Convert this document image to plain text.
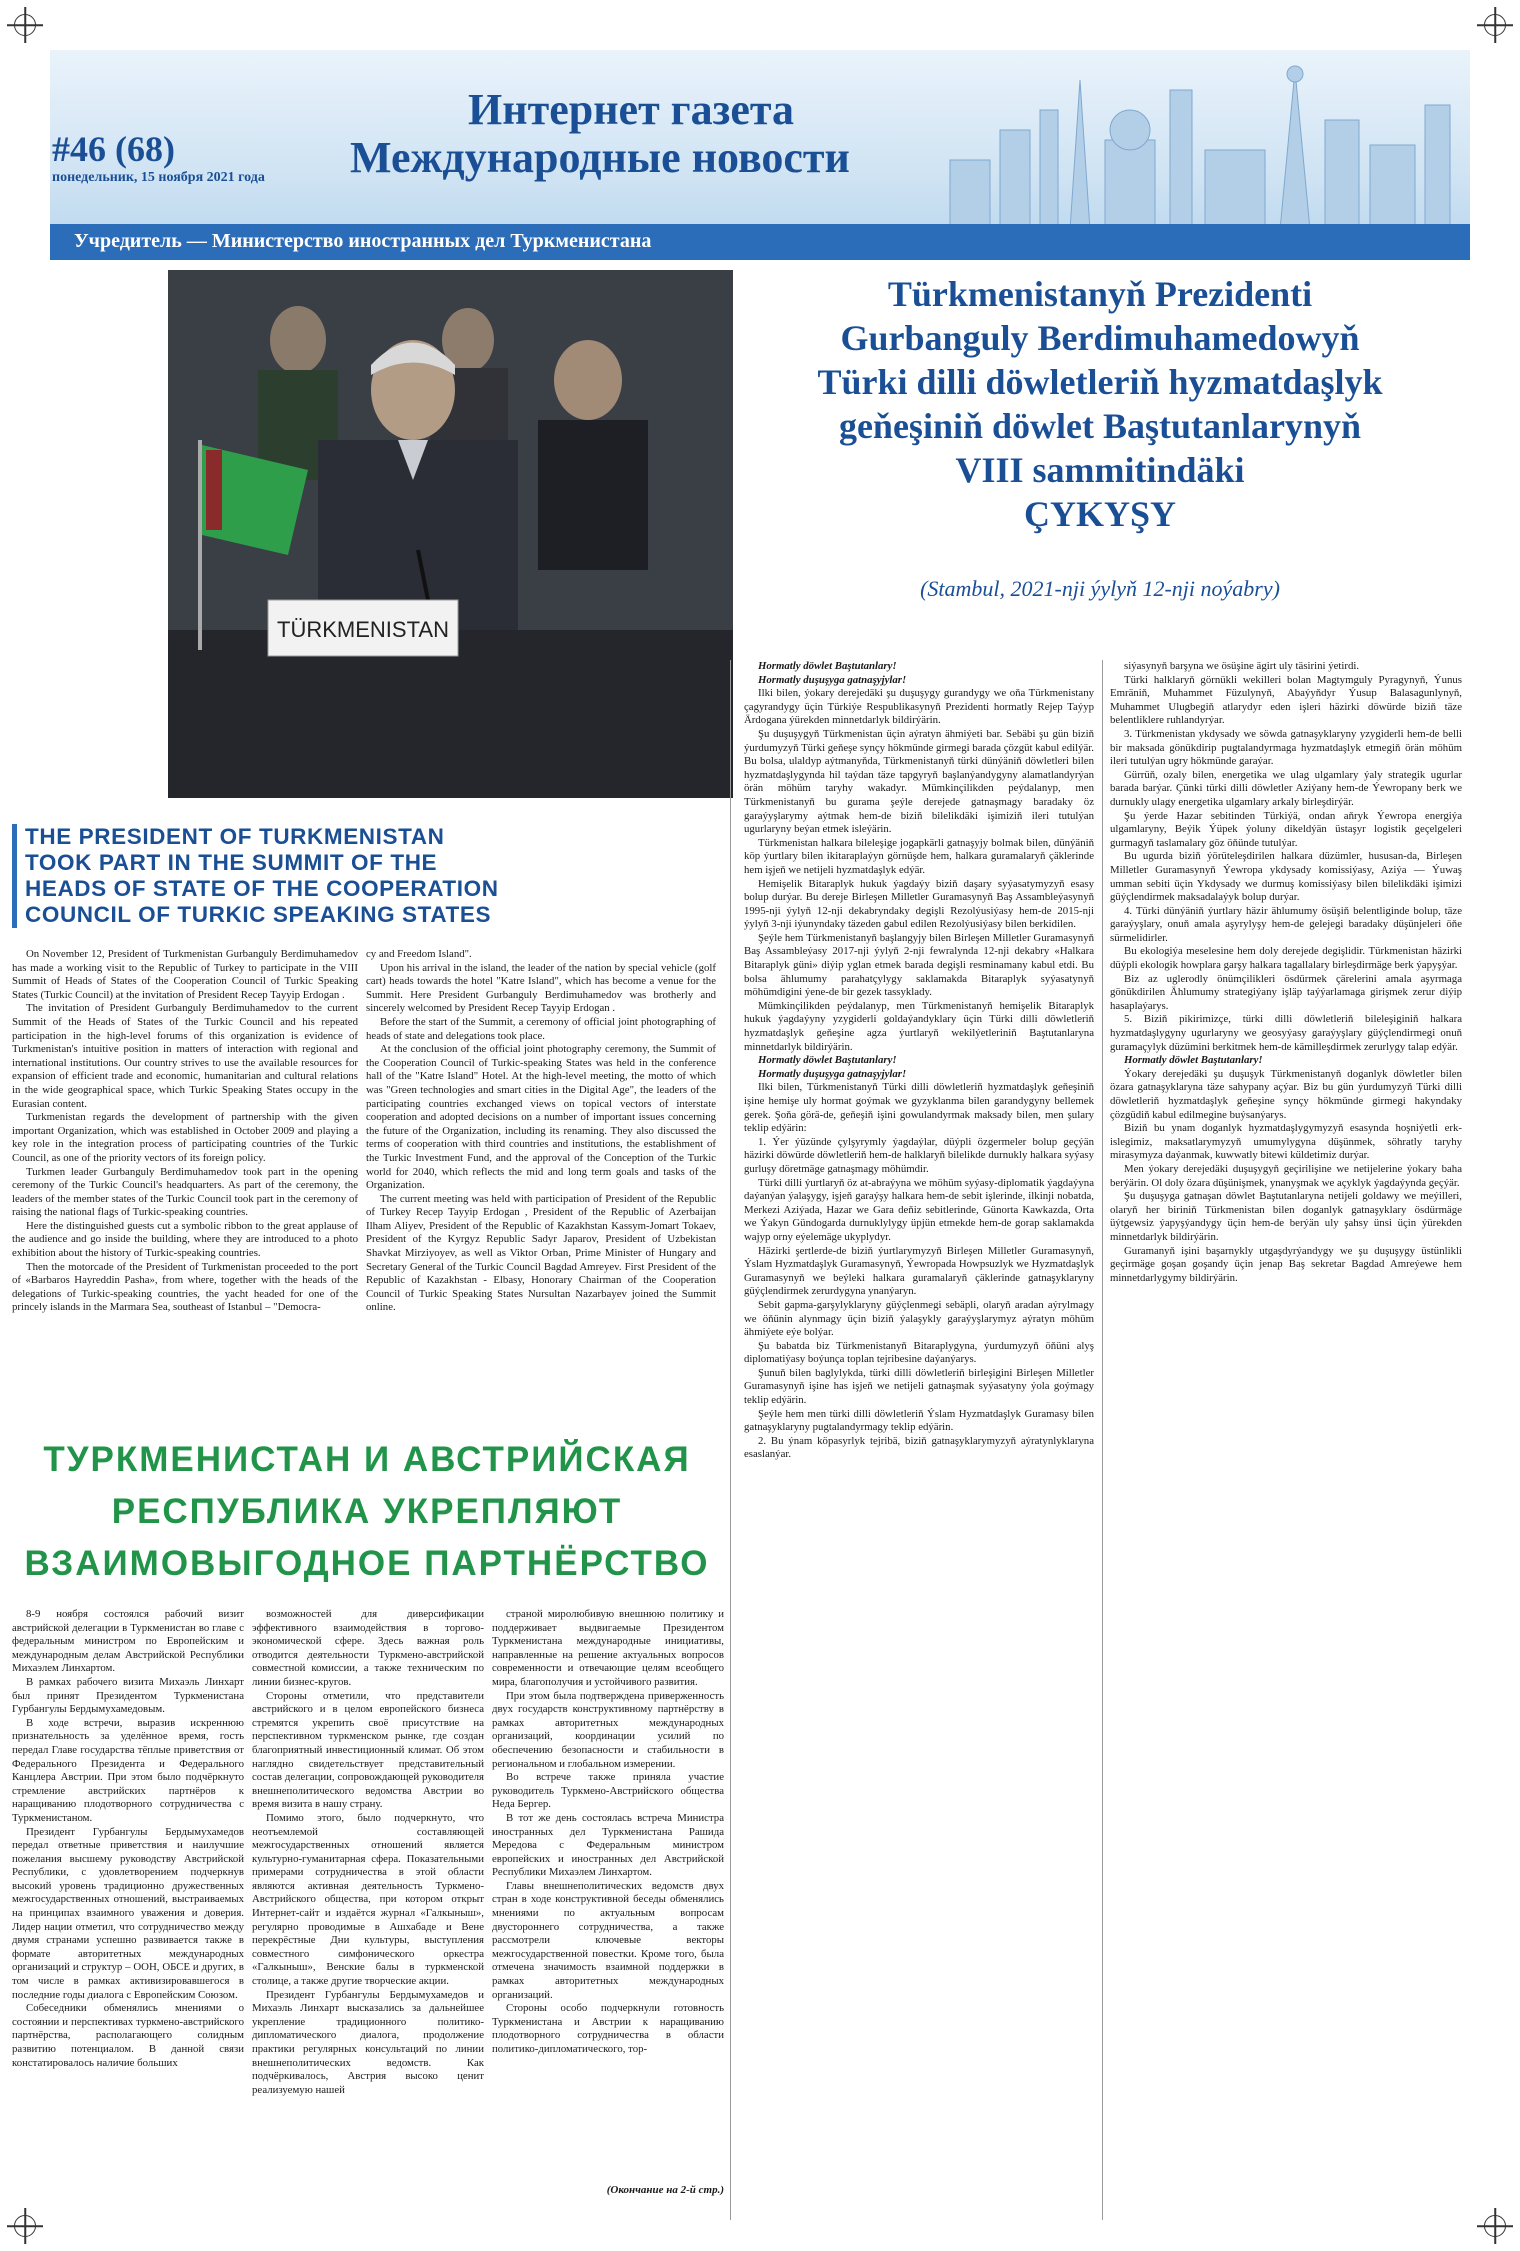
#46 (68)
понедельник, 15 ноября 2021 года
Интернет газета
Международные новости
Учредитель — Министерство иностранных дел Туркменистана
TÜRKMENISTAN
Türkmenistanyň Prezidenti
Gurbanguly Berdimuhamedowyň
Türki dilli döwletleriň hyzmatdaşlyk
geňeşiniň döwlet Baştutanlarynyň
VIII sammitindäki
ÇYKYŞY
(Stambul, 2021-nji ýylyň 12-nji noýabry)
THE PRESIDENT OF TURKMENISTAN
TOOK PART IN THE SUMMIT OF THE
HEADS OF STATE OF THE COOPERATION
COUNCIL OF TURKIC SPEAKING STATES

On November 12, President of Turkmenistan Gurbanguly Berdimuhamedov has made a working visit to the Republic of Turkey to participate in the VIII Summit of Heads of States of the Cooperation Council of Turkic Speaking States (Turkic Council) at the invitation of President Recep Tayyip Erdogan .

The invitation of President Gurbanguly Berdimuhamedov to the current Summit of the Heads of States of the Turkic Council and his repeated participation in the high-level forums of this organization is evidence of Turkmenistan's intuitive position in matters of interaction with regional and international institutions. Our country strives to use the available resources for expansion of efficient trade and economic, humanitarian and cultural relations in the wide geographical space, which Turkic Speaking States occupy in the Eurasian content.

Turkmenistan regards the development of partnership with the given important Organization, which was established in October 2009 and playing a key role in the integration process of participating countries of the Turkic Council, as one of the priority vectors of its foreign policy.

Turkmen leader Gurbanguly Berdimuhamedov took part in the opening ceremony of the Turkic Council's headquarters. As part of the ceremony, the leaders of the member states of the Turkic Council took part in the ceremony of raising the national flags of Turkic-speaking countries.

Here the distinguished guests cut a symbolic ribbon to the great applause of the audience and go inside the building, where they are introduced to a photo exhibition about the history of Turkic-speaking countries.

Then the motorcade of the President of Turkmenistan proceeded to the port of «Barbaros Hayreddin Pasha», from where, together with the heads of the delegations of Turkic-speaking countries, the yacht headed for one of the princely islands in the Marmara Sea, southeast of Istanbul – "Democra-

cy and Freedom Island".

Upon his arrival in the island, the leader of the nation by special vehicle (golf cart) heads towards the hotel "Katre Island", which has become a venue for the Summit. Here President Gurbanguly Berdimuhamedov was brotherly and sincerely welcomed by President Recep Tayyip Erdogan .

Before the start of the Summit, a ceremony of official joint photographing of heads of state and delegations took place.

At the conclusion of the official joint photography ceremony, the Summit of the Cooperation Council of Turkic-speaking States was held in the conference hall of the "Katre Island" Hotel. At the high-level meeting, the motto of which was "Green technologies and smart cities in the Digital Age", the leaders of the participating countries exchanged views on topical vectors of interstate cooperation and adopted decisions on a number of important issues concerning the future of the Organization, including its renaming. They also discussed the terms of cooperation with third countries and institutions, the establishment of the Turkic Investment Fund, and the approval of the Conception of the Turkic world for 2040, which reflects the mid and long term goals and tasks of the Organization.

The current meeting was held with participation of President of the Republic of Turkey Recep Tayyip Erdogan , President of the Republic of Azerbaijan Ilham Aliyev, President of the Republic of Kazakhstan Kassym-Jomart Tokaev, President of the Kyrgyz Republic Sadyr Japarov, President of Uzbekistan Shavkat Mirziyoyev, as well as Viktor Orban, Prime Minister of Hungary and Secretary General of the Turkic Council Bagdad Amreyev. First President of the Republic of Kazakhstan - Elbasy, Honorary Chairman of the Cooperation Council of Turkic Speaking States Nursultan Nazarbayev joined the Summit online.

ТУРКМЕНИСТАН И АВСТРИЙСКАЯ
РЕСПУБЛИКА УКРЕПЛЯЮТ
ВЗАИМОВЫГОДНОЕ ПАРТНЁРСТВО

8-9 ноября состоялся рабочий визит австрийской делегации в Туркменистан во главе с федеральным министром по Европейским и международным делам Австрийской Республики Михаэлем Линхартом.

В рамках рабочего визита Михаэль Линхарт был принят Президентом Туркменистана Гурбангулы Бердымухамедовым.

В ходе встречи, выразив искреннюю признательность за уделённое время, гость передал Главе государства тёплые приветствия от Федерального Президента и Федерального Канцлера Австрии. При этом было подчёркнуто стремление австрийских партнёров к наращиванию плодотворного сотрудничества с Туркменистаном.

Президент Гурбангулы Бердымухамедов передал ответные приветствия и наилучшие пожелания высшему руководству Австрийской Республики, с удовлетворением подчеркнув высокий уровень традиционно дружественных межгосударственных отношений, выстраиваемых на принципах взаимного уважения и доверия. Лидер нации отметил, что сотрудничество между двумя странами успешно развивается также в формате авторитетных международных организаций и структур – ООН, ОБСЕ и других, в том числе в рамках активизировавшегося в последние годы диалога с Европейским Союзом.

Собеседники обменялись мнениями о состоянии и перспективах туркмено-австрийского партнёрства, располагающего солидным развитию потенциалом. В данной связи констатировалось наличие больших

возможностей для диверсификации эффективного взаимодействия в торгово-экономической сфере. Здесь важная роль отводится деятельности Туркмено-австрийской совместной комиссии, а также техническим по линии бизнес-кругов.

Стороны отметили, что представители австрийского и в целом европейского бизнеса стремятся укрепить своё присутствие на перспективном туркменском рынке, где создан благоприятный инвестиционный климат. Об этом наглядно свидетельствует представительный состав делегации, сопровождающей руководителя внешнеполитического ведомства Австрии во время визита в нашу страну.

Помимо этого, было подчеркнуто, что неотъемлемой составляющей межгосударственных отношений является культурно-гуманитарная сфера. Показательными примерами сотрудничества в этой области являются активная деятельность Туркмено-Австрийского общества, при котором открыт Интернет-сайт и издаётся журнал «Галкыныш», регулярно проводимые в Ашхабаде и Вене перекрёстные Дни культуры, выступления совместного симфонического оркестра «Галкыныш», Венские балы в туркменской столице, а также другие творческие акции.

Президент Гурбангулы Бердымухамедов и Михаэль Линхарт высказались за дальнейшее укрепление традиционного политико-дипломатического диалога, продолжение практики регулярных консультаций по линии внешнеполитических ведомств. Как подчёркивалось, Австрия высоко ценит реализуемую нашей

страной миролюбивую внешнюю политику и поддерживает выдвигаемые Президентом Туркменистана международные инициативы, направленные на решение актуальных вопросов современности и отвечающие целям всеобщего мира, благополучия и устойчивого развития.

При этом была подтверждена приверженность двух государств конструктивному партнёрству в рамках авторитетных международных организаций, координации усилий по обеспечению безопасности и стабильности в региональном и глобальном измерении.

Во встрече также приняла участие руководитель Туркмено-Австрийского общества Неда Бергер.

В тот же день состоялась встреча Министра иностранных дел Туркменистана Рашида Мередова с Федеральным министром европейских и иностранных дел Австрийской Республики Михаэлем Линхартом.

Главы внешнеполитических ведомств двух стран в ходе конструктивной беседы обменялись мнениями по актуальным вопросам двустороннего сотрудничества, а также рассмотрели ключевые векторы межгосударственной повестки. Кроме того, была отмечена значимость взаимной поддержки в рамках авторитетных международных организаций.

Стороны особо подчеркнули готовность Туркменистана и Австрии к наращиванию плодотворного сотрудничества в области политико-дипломатического, тор-

(Окончание на 2-й стр.)

Hormatly döwlet Baştutanlary!

Hormatly duşuşyga gatnaşyjylar!

Ilki bilen, ýokary derejedäki şu duşuşygy gurandygy we oňa Türkmenistany çagyrandygy üçin Türkiýe Respublikasynyň Prezidenti hormatly Rejep Taýyp Ärdogana ýürekden minnetdarlyk bildirýärin.

Şu duşuşygyň Türkmenistan üçin aýratyn ähmiýeti bar. Sebäbi şu gün biziň ýurdumyzyň Türki geňeşe synçy hökmünde girmegi barada çözgüt kabul edilýär. Bu bolsa, ulaldyp aýtmanyňda, Türkmenistanyň türki dünýäniň döwletleri bilen hyzmatdaşlygynda hil taýdan täze tapgyryň başlanýandygyny alamatlandyrýan örän möhüm taryhy wakadyr. Mümkinçilikden peýdalanyp, men Türkmenistanyň bu gurama şeýle derejede gatnaşmagy baradaky öz garaýyşlarymy aýtmak hem-de biziň bilelikdäki işimiziň ileri tutulýan ugurlaryny beýan etmek isleýärin.

Türkmenistan halkara bileleşige jogapkärli gatnaşyjy bolmak bilen, dünýäniň köp ýurtlary bilen ikitaraplaýyn görnüşde hem, halkara guramalaryň çäklerinde hem işjeň we netijeli hyzmatdaşlyk edýär.

Hemişelik Bitaraplyk hukuk ýagdaýy biziň daşary syýasatymyzyň esasy bolup durýar. Bu dereje Birleşen Milletler Guramasynyň Baş Assambleýasynyň 1995-nji ýylyň 12-nji dekabryndaky degişli Rezolýusiýasy hem-de 2015-nji ýylyň 3-nji iýunyndaky täzeden gabul edilen Rezolýusiýasy bilen berkidilen.

Şeýle hem Türkmenistanyň başlangyjy bilen Birleşen Milletler Guramasynyň Baş Assambleýasy 2017-nji ýylyň 2-nji fewralynda 12-nji dekabry «Halkara Bitaraplyk güni» diýip yglan etmek barada degişli resminamany kabul etdi. Bu bolsa ählumumy parahatçylygy saklamakda Bitaraplyk syýasatynyň möhümdigini ýene-de bir gezek tassyklady.

Mümkinçilikden peýdalanyp, men Türkmenistanyň hemişelik Bitaraplyk hukuk ýagdaýyny yzygiderli goldaýandyklary üçin Türki dilli döwletleriň hyzmatdaşlyk geňeşine agza ýurtlaryň wekilýetleriniň Baştutanlaryna minnetdarlyk bildirýärin.

Hormatly döwlet Baştutanlary!

Hormatly duşuşyga gatnaşyjylar!

Ilki bilen, Türkmenistanyň Türki dilli döwletleriň hyzmatdaşlyk geňeşiniň işine hemişe uly hormat goýmak we gyzyklanma bilen garandygyny bellemek gerek. Şoňa görä-de, geňeşiň işini gowulandyrmak maksady bilen, men şulary teklip edýärin:

1. Ýer ýüzünde çylşyrymly ýagdaýlar, düýpli özgermeler bolup geçýän häzirki döwürde döwletleriň hem-de halklaryň bilelikde durnukly halkara syýasy gurluşy döretmäge gatnaşmagy möhümdir.

Türki dilli ýurtlaryň öz at-abraýyna we möhüm syýasy-diplomatik ýagdaýyna daýanýan ýalaşygy, işjeň garaýşy halkara hem-de sebit işlerinde, ilkinji nobatda, Merkezi Aziýada, Hazar we Gara deňiz sebitlerinde, Günorta Kawkazda, Orta we Ýakyn Gündogarda durnuklylygy üpjün etmekde hem-de gorap saklamakda wajyp orny eýelemäge ukyplydyr.

Häzirki şertlerde-de biziň ýurtlarymyzyň Birleşen Milletler Guramasynyň, Ýslam Hyzmatdaşlyk Guramasynyň, Ýewropada Howpsuzlyk we Hyzmatdaşlyk Guramasynyň we beýleki halkara guramalaryň çäklerinde gatnaşyklaryny güýçlendirmek zerurdygyna ynanýaryn.

Sebit gapma-garşylyklaryny güýçlenmegi sebäpli, olaryň aradan aýrylmagy we öňünin alynmagy üçin biziň ýalaşykly garaýyşlarymyz aýratyn möhüm ähmiýete eýe bolýar.

Şu babatda biz Türkmenistanyň Bitaraplygyna, ýurdumyzyň öňüni alyş diplomatiýasy boýunça toplan tejribesine daýanýarys.

Şunuň bilen baglylykda, türki dilli döwletleriň birleşigini Birleşen Milletler Guramasynyň işine has işjeň we netijeli gatnaşmak syýasatyny ýola goýmagy teklip edýärin.

Şeýle hem men türki dilli döwletleriň Ýslam Hyzmatdaşlyk Guramasy bilen gatnaşyklaryny pugtalandyrmagy teklip edýärin.

2. Bu ýnam köpasyrlyk tejribä, biziň gatnaşyklarymyzyň aýratynlyklaryna esaslanýar.

siýasynyň barşyna we ösüşine ägirt uly täsirini ýetirdi.

Türki halklaryň görnükli wekilleri bolan Magtymguly Pyragynyň, Ýunus Emräniň, Muhammet Füzulynyň, Abaýyňdyr Ýusup Balasagunlynyň, Muhammet Ulugbegiň atlarydyr eden işleri häzirki döwürde biziň täze belentliklere ruhlandyrýar.

3. Türkmenistan ykdysady we söwda gatnaşyklaryny yzygiderli hem-de belli bir maksada gönükdirip pugtalandyrmaga hyzmatdaşlyk etmegiň örän möhüm ileri tutulýan ugry hökmünde garaýar.

Gürrüň, ozaly bilen, energetika we ulag ulgamlary ýaly strategik ugurlar barada barýar. Çünki türki dilli döwletler Aziýany hem-de Ýewropany berk we durnukly ulagy energetika ulgamlary arkaly birleşdirýär.

Şu ýerde Hazar sebitinden Türkiýä, ondan aňryk Ýewropa energiýa ulgamlaryny, Beýik Ýüpek ýoluny dikeldýän üstaşyr logistik geçelgeleri gurmagyň taslamalary göz öňünde tutulýar.

Bu ugurda biziň ýörüteleşdirilen halkara düzümler, hususan-da, Birleşen Milletler Guramasynyň Ýewropa ykdysady komissiýasy, Aziýa — Ýuwaş umman sebiti üçin Ykdysady we durmuş komissiýasy bilen bilelikdäki işimizi güýçlendirmek maksadalaýyk bolup durýar.

4. Türki dünýäniň ýurtlary häzir ählumumy ösüşiň belentliginde bolup, täze garaýyşlary, onuň amala aşyrylyşy hem-de gelejegi baradaky düşünjeleri öňe sürmelidirler.

Bu ekologiýa meselesine hem doly derejede degişlidir. Türkmenistan häzirki düýpli ekologik howplara garşy halkara tagallalary birleşdirmäge berk ýapyşýar.

Biz az uglerodly önümçilikleri ösdürmek çärelerini amala aşyrmaga gönükdirilen Ählumumy strategiýany işläp taýýarlamaga girişmek zerur diýip hasaplaýarys.

5. Biziň pikirimizçe, türki dilli döwletleriň bileleşiginiň halkara hyzmatdaşlygyny ugurlaryny we geosyýasy garaýyşlary güýçlendirmegi onuň guramaçylyk düzümini berkitmek hem-de kämilleşdirmek zerurlygy talap edýär.

Hormatly döwlet Baştutanlary!

Ýokary derejedäki şu duşuşyk Türkmenistanyň doganlyk döwletler bilen özara gatnaşyklaryna täze sahypany açýar. Biz bu gün ýurdumyzyň Türki dilli döwletleriň hyzmatdaşlyk geňeşine synçy hökmünde girmegi hakyndaky çözgüdiň kabul edilmegine buýsanýarys.

Biziň bu ynam doganlyk hyzmatdaşlygymyzyň esasynda hoşniýetli erk-islegimiz, maksatlarymyzyň umumylygyna düşünmek, söhratly taryhy mirasymyza daýanmak, kuwwatly bitewi küldetimiz durýar.

Men ýokary derejedäki duşuşygyň geçirilişine we netijelerine ýokary baha berýärin. Ol doly özara düşünişmek, ynanyşmak we açyklyk ýagdaýynda geçýär.

Şu duşuşyga gatnaşan döwlet Baştutanlaryna netijeli goldawy we meýilleri, olaryň her biriniň Türkmenistan bilen doganlyk gatnaşyklary ösdürmäge üýtgewsiz ýapyşýandygy üçin hem-de berýän uly şahsy ünsi üçin ýürekden minnetdarlyk bildirýärin.

Guramanyň işini başarnykly utgaşdyrýandygy we şu duşuşygy üstünlikli geçirmäge goşan goşandy üçin jenap Baş sekretar Bagdad Amreýewe hem minnetdarlygymy bildirýärin.
